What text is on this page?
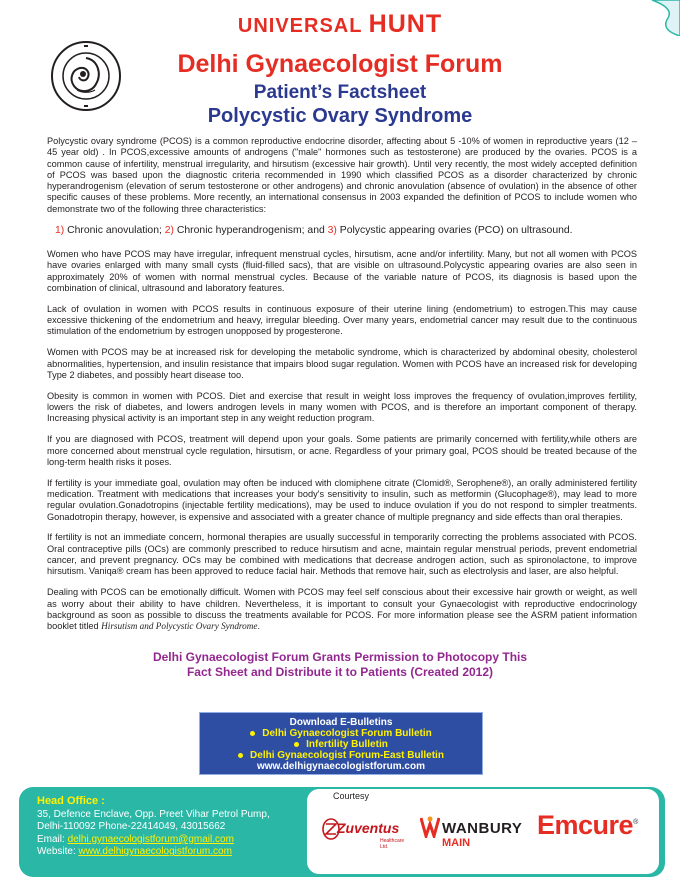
UNIVERSAL HUNT
Delhi Gynaecologist Forum
Patient’s Factsheet
Polycystic Ovary Syndrome

Polycystic ovary syndrome (PCOS) is a common reproductive endocrine disorder, affecting about 5 -10% of women in reproductive years (12 – 45 year old) . In PCOS,excessive amounts of androgens ("male" hormones such as testosterone) are produced by the ovaries. PCOS is a common cause of infertility, menstrual irregularity, and hirsutism (excessive hair growth). Until very recently, the most widely accepted definition of PCOS was based upon the diagnostic criteria recommended in 1990 which classified PCOS as a disorder characterized by chronic hyperandrogenism (elevation of serum testosterone or other androgens) and chronic anovulation (absence of ovulation) in the absence of other specific causes of these problems. More recently, an international consensus in 2003 expanded the definition of PCOS to include women who demonstrate two of the following three characteristics:

1) Chronic anovulation; 2) Chronic hyperandrogenism; and 3) Polycystic appearing ovaries (PCO) on ultrasound.

Women who have PCOS may have irregular, infrequent menstrual cycles, hirsutism, acne and/or infertility. Many, but not all women with PCOS have ovaries enlarged with many small cysts (fluid-filled sacs), that are visible on ultrasound.Polycystic appearing ovaries are also seen in approximately 20% of women with normal menstrual cycles. Because of the variable nature of PCOS, its diagnosis is based upon the combination of clinical, ultrasound and laboratory features.

Lack of ovulation in women with PCOS results in continuous exposure of their uterine lining (endometrium) to estrogen.This may cause excessive thickening of the endometrium and heavy, irregular bleeding. Over many years, endometrial cancer may result due to the continuous stimulation of the endometrium by estrogen unopposed by progesterone.

Women with PCOS may be at increased risk for developing the metabolic syndrome, which is characterized by abdominal obesity, cholesterol abnormalities, hypertension, and insulin resistance that impairs blood sugar regulation. Women with PCOS have an increased risk for developing Type 2 diabetes, and possibly heart disease too.

Obesity is common in women with PCOS. Diet and exercise that result in weight loss improves the frequency of ovulation,improves fertility, lowers the risk of diabetes, and lowers androgen levels in many women with PCOS, and is therefore an important component of therapy. Increasing physical activity is an important step in any weight reduction program.

If you are diagnosed with PCOS, treatment will depend upon your goals. Some patients are primarily concerned with fertility,while others are more concerned about menstrual cycle regulation, hirsutism, or acne. Regardless of your primary goal, PCOS should be treated because of the long-term health risks it poses.

If fertility is your immediate goal, ovulation may often be induced with clomiphene citrate (Clomid®, Serophene®), an orally administered fertility medication. Treatment with medications that increases your body's sensitivity to insulin, such as metformin (Glucophage®), may lead to more regular ovulation.Gonadotropins (injectable fertility medications), may be used to induce ovulation if you do not respond to simpler treatments. Gonadotropin therapy, however, is expensive and associated with a greater chance of multiple pregnancy and side effects than oral therapies.

If fertility is not an immediate concern, hormonal therapies are usually successful in temporarily correcting the problems associated with PCOS. Oral contraceptive pills (OCs) are commonly prescribed to reduce hirsutism and acne, maintain regular menstrual periods, prevent endometrial cancer, and prevent pregnancy. OCs may be combined with medications that decrease androgen action, such as spironolactone, to improve hirsutism. Vaniqa® cream has been approved to reduce facial hair. Methods that remove hair, such as electrolysis and laser, are also helpful.

Dealing with PCOS can be emotionally difficult. Women with PCOS may feel self conscious about their excessive hair growth or weight, as well as worry about their ability to have children. Nevertheless, it is important to consult your Gynaecologist with reproductive endocrinology background as soon as possible to discuss the treatments available for PCOS. For more information please see the ASRM patient information booklet titled Hirsutism and Polycystic Ovary Syndrome.

Delhi Gynaecologist Forum Grants Permission to Photocopy This
Fact Sheet and Distribute it to Patients (Created 2012)
Download E-Bulletins
Delhi Gynaecologist Forum Bulletin
Infertility Bulletin
Delhi Gynaecologist Forum-East Bulletin
www.delhigynaecologistforum.com
Head Office :
35, Defence Enclave, Opp. Preet Vihar Petrol Pump,
Delhi-110092 Phone-22414049, 43015662
Email: delhi.gynaecologistforum@gmail.com
Website: www.delhigynaecologistforum.com
Courtesy
Zuventus
Healthcare Ltd.
WANBURY
MAIN
Emcure®
